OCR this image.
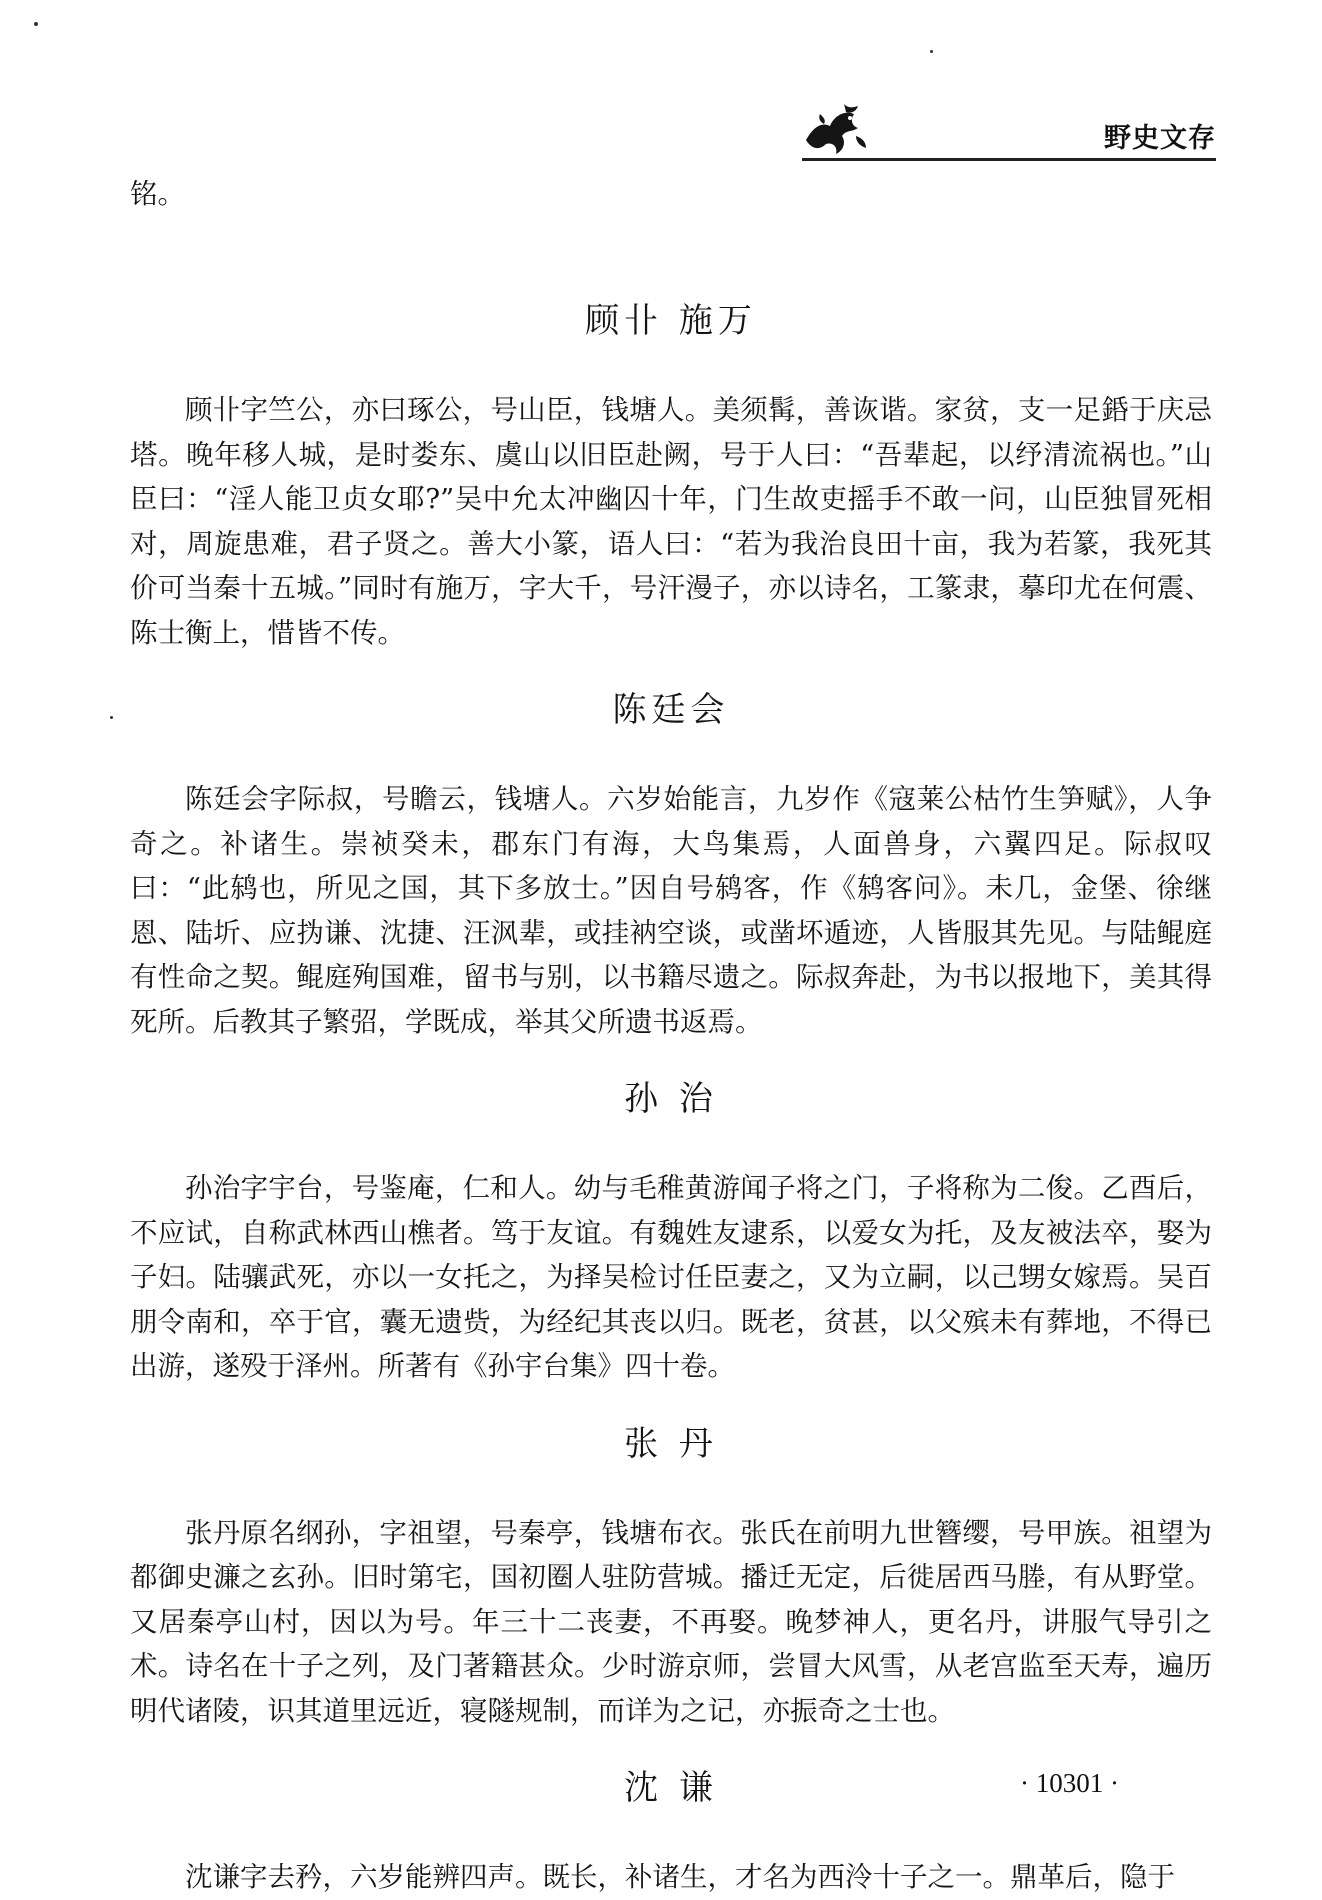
野史文存

铭。

顾卝 施万

顾卝字竺公，亦曰琢公，号山臣，钱塘人。美须髯，善诙谐。家贫，支一足銽于庆忌塔。晚年移人城，是时娄东、虞山以旧臣赴阙，号于人曰：“吾辈起，以纾清流祸也。”山臣曰：“淫人能卫贞女耶?”吴中允太冲幽囚十年，门生故吏摇手不敢一问，山臣独冒死相对，周旋患难，君子贤之。善大小篆，语人曰：“若为我治良田十亩，我为若篆，我死其价可当秦十五城。”同时有施万，字大千，号汗漫子，亦以诗名，工篆隶，摹印尤在何震、陈士衡上，惜皆不传。

陈廷会

陈廷会字际叔，号瞻云，钱塘人。六岁始能言，九岁作《寇莱公枯竹生笋赋》，人争奇之。补诸生。崇祯癸未，郡东门有海，大鸟集焉，人面兽身，六翼四足。际叔叹曰：“此鸫也，所见之国，其下多放士。”因自号鸫客，作《鸫客问》。未几，金堡、徐继恩、陆圻、应㧑谦、沈捷、汪沨辈，或挂衲空谈，或凿坏遁迹，人皆服其先见。与陆鲲庭有性命之契。鲲庭殉国难，留书与别，以书籍尽遗之。际叔奔赴，为书以报地下，美其得死所。后教其子繁弨，学既成，举其父所遗书返焉。

孙 治

孙治字宇台，号鉴庵，仁和人。幼与毛稚黄游闻子将之门，子将称为二俊。乙酉后，不应试，自称武林西山樵者。笃于友谊。有魏姓友逮系，以爱女为托，及友被法卒，娶为子妇。陆骧武死，亦以一女托之，为择吴检讨任臣妻之，又为立嗣，以己甥女嫁焉。吴百朋令南和，卒于官，囊无遗赀，为经纪其丧以归。既老，贫甚，以父殡未有葬地，不得已出游，遂殁于泽州。所著有《孙宇台集》四十卷。

张 丹

张丹原名纲孙，字祖望，号秦亭，钱塘布衣。张氏在前明九世簪缨，号甲族。祖望为都御史濂之玄孙。旧时第宅，国初圈人驻防营城。播迁无定，后徙居西马塍，有从野堂。又居秦亭山村，因以为号。年三十二丧妻，不再娶。晚梦神人，更名丹，讲服气导引之术。诗名在十子之列，及门著籍甚众。少时游京师，尝冒大风雪，从老宫监至天寿，遍历明代诸陵，识其道里远近，寝隧规制，而详为之记，亦振奇之士也。

沈 谦

沈谦字去矜，六岁能辨四声。既长，补诸生，才名为西泠十子之一。鼎革后，隐于

· 10301 ·
